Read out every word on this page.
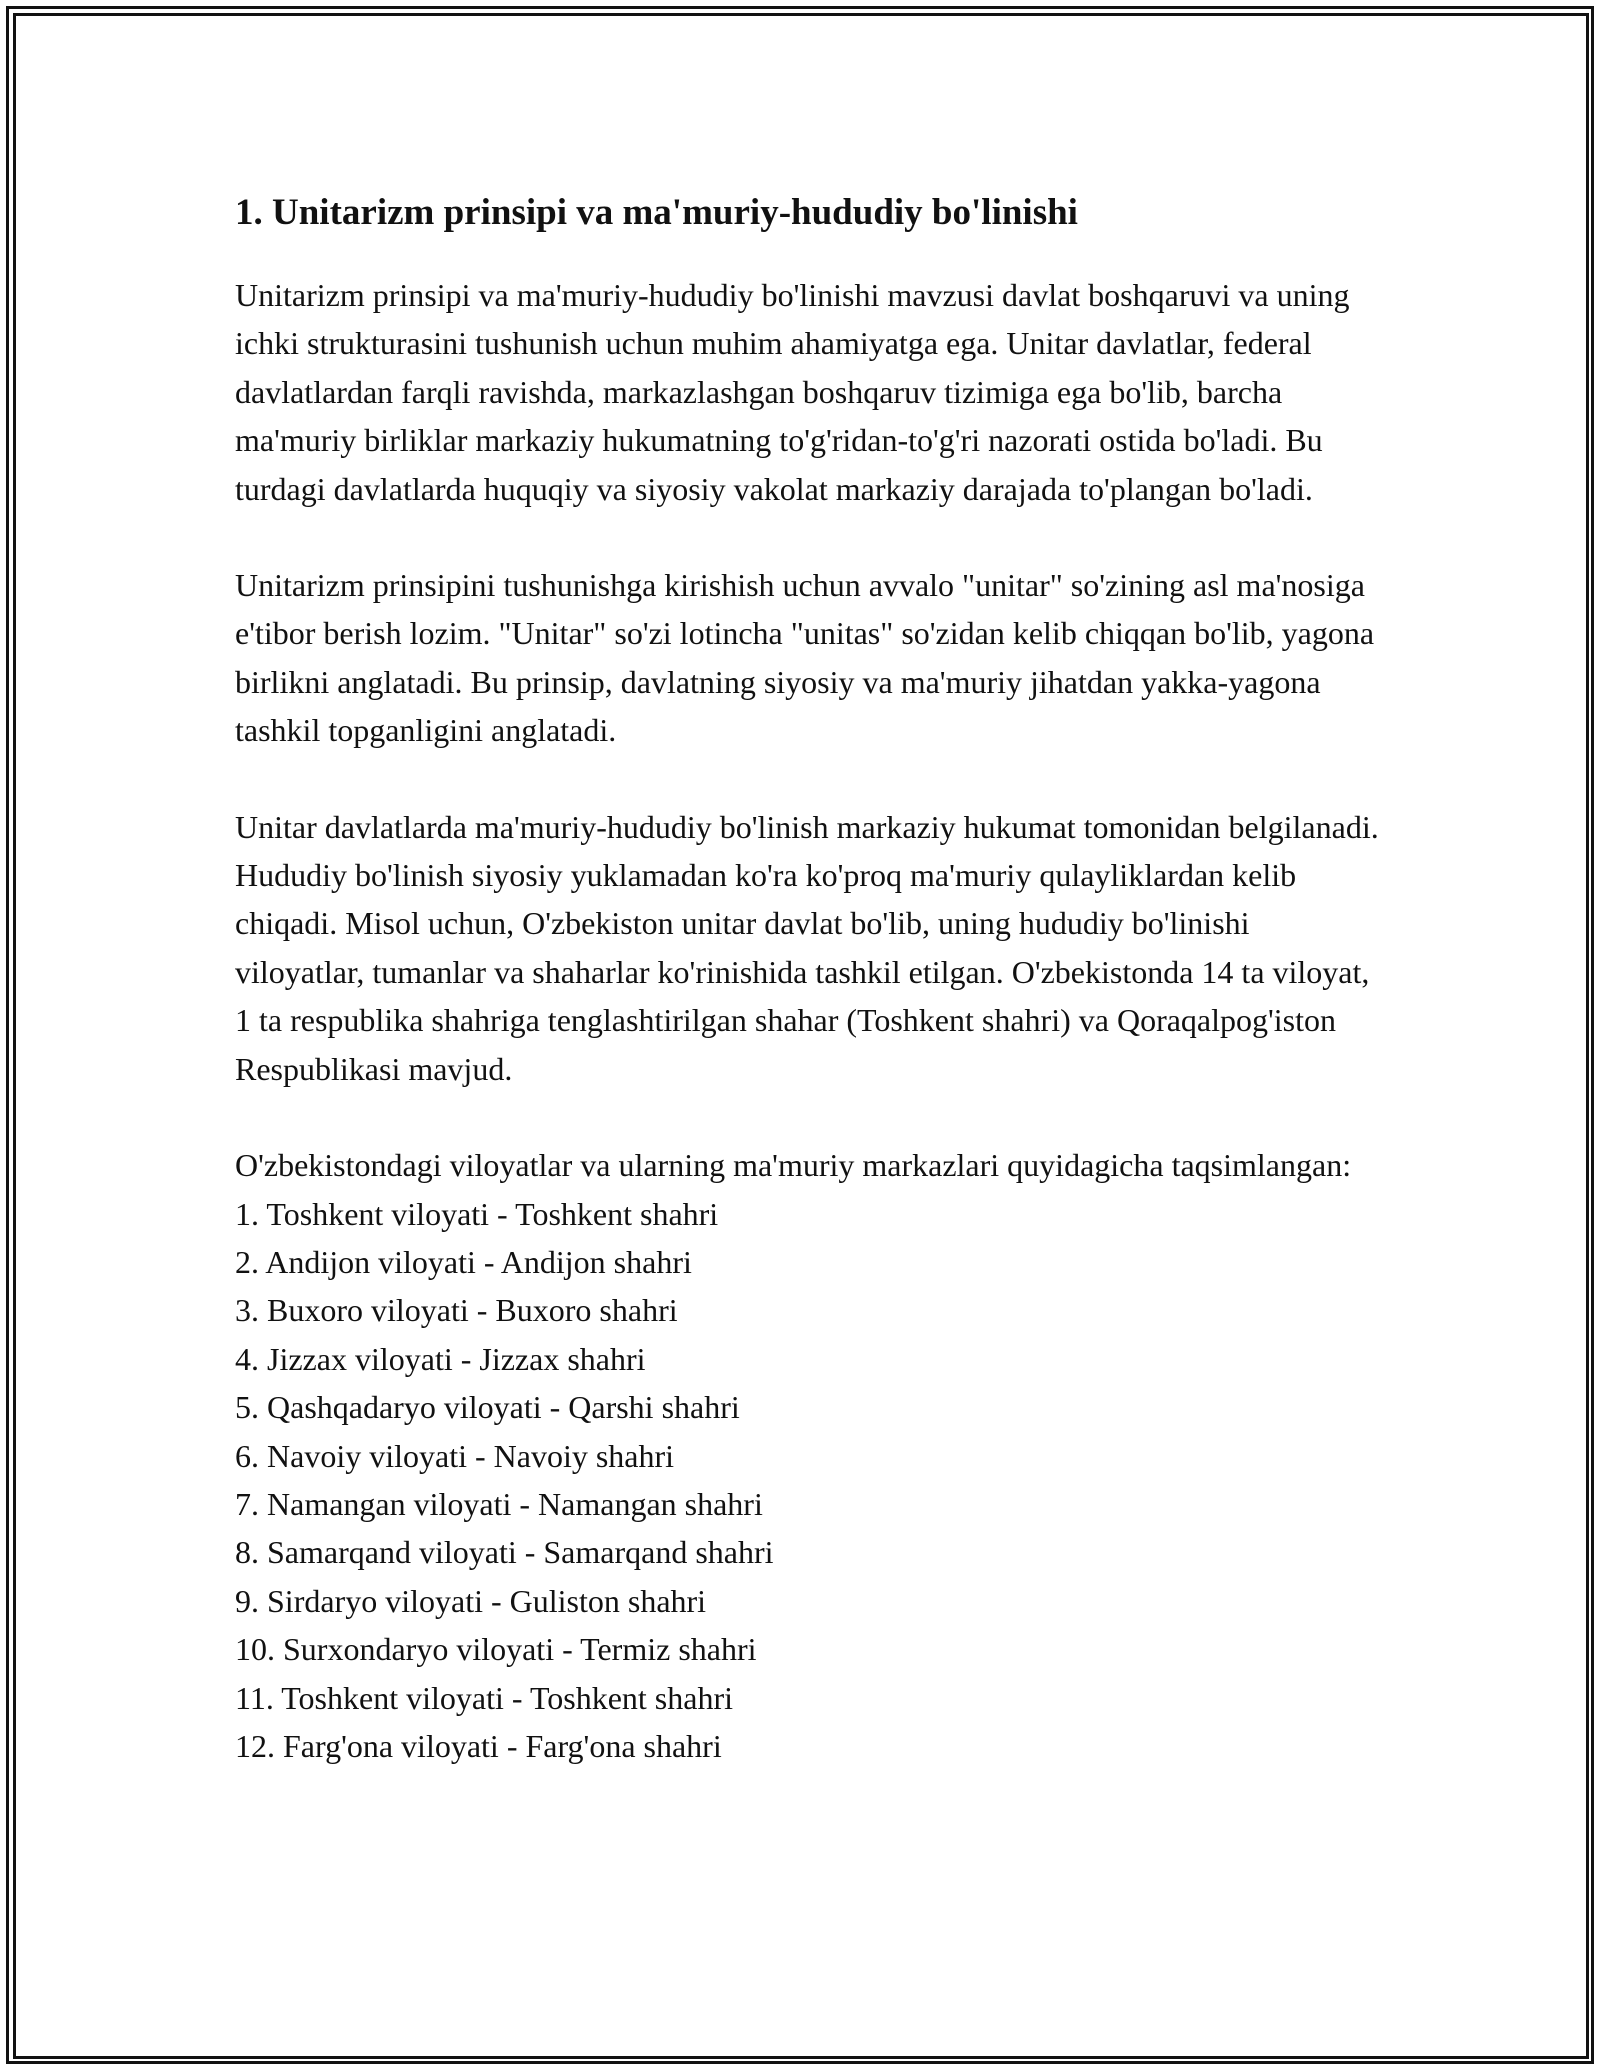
1. Unitarizm prinsipi va ma'muriy-hududiy bo'linishi

Unitarizm prinsipi va ma'muriy-hududiy bo'linishi mavzusi davlat boshqaruvi va uning ichki strukturasini tushunish uchun muhim ahamiyatga ega. Unitar davlatlar, federal davlatlardan farqli ravishda, markazlashgan boshqaruv tizimiga ega bo'lib, barcha ma'muriy birliklar markaziy hukumatning to'g'ridan-to'g'ri nazorati ostida bo'ladi. Bu turdagi davlatlarda huquqiy va siyosiy vakolat markaziy darajada to'plangan bo'ladi.

Unitarizm prinsipini tushunishga kirishish uchun avvalo "unitar" so'zining asl ma'nosiga e'tibor berish lozim. "Unitar" so'zi lotincha "unitas" so'zidan kelib chiqqan bo'lib, yagona birlikni anglatadi. Bu prinsip, davlatning siyosiy va ma'muriy jihatdan yakka-yagona tashkil topganligini anglatadi.

Unitar davlatlarda ma'muriy-hududiy bo'linish markaziy hukumat tomonidan belgilanadi. Hududiy bo'linish siyosiy yuklamadan ko'ra ko'proq ma'muriy qulayliklardan kelib chiqadi. Misol uchun, O'zbekiston unitar davlat bo'lib, uning hududiy bo'linishi viloyatlar, tumanlar va shaharlar ko'rinishida tashkil etilgan. O'zbekistonda 14 ta viloyat, 1 ta respublika shahriga tenglashtirilgan shahar (Toshkent shahri) va Qoraqalpog'iston Respublikasi mavjud.

O'zbekistondagi viloyatlar va ularning ma'muriy markazlari quyidagicha taqsimlangan:

1. Toshkent viloyati - Toshkent shahri
2. Andijon viloyati - Andijon shahri
3. Buxoro viloyati - Buxoro shahri
4. Jizzax viloyati - Jizzax shahri
5. Qashqadaryo viloyati - Qarshi shahri
6. Navoiy viloyati - Navoiy shahri
7. Namangan viloyati - Namangan shahri
8. Samarqand viloyati - Samarqand shahri
9. Sirdaryo viloyati - Guliston shahri
10. Surxondaryo viloyati - Termiz shahri
11. Toshkent viloyati - Toshkent shahri
12. Farg'ona viloyati - Farg'ona shahri
